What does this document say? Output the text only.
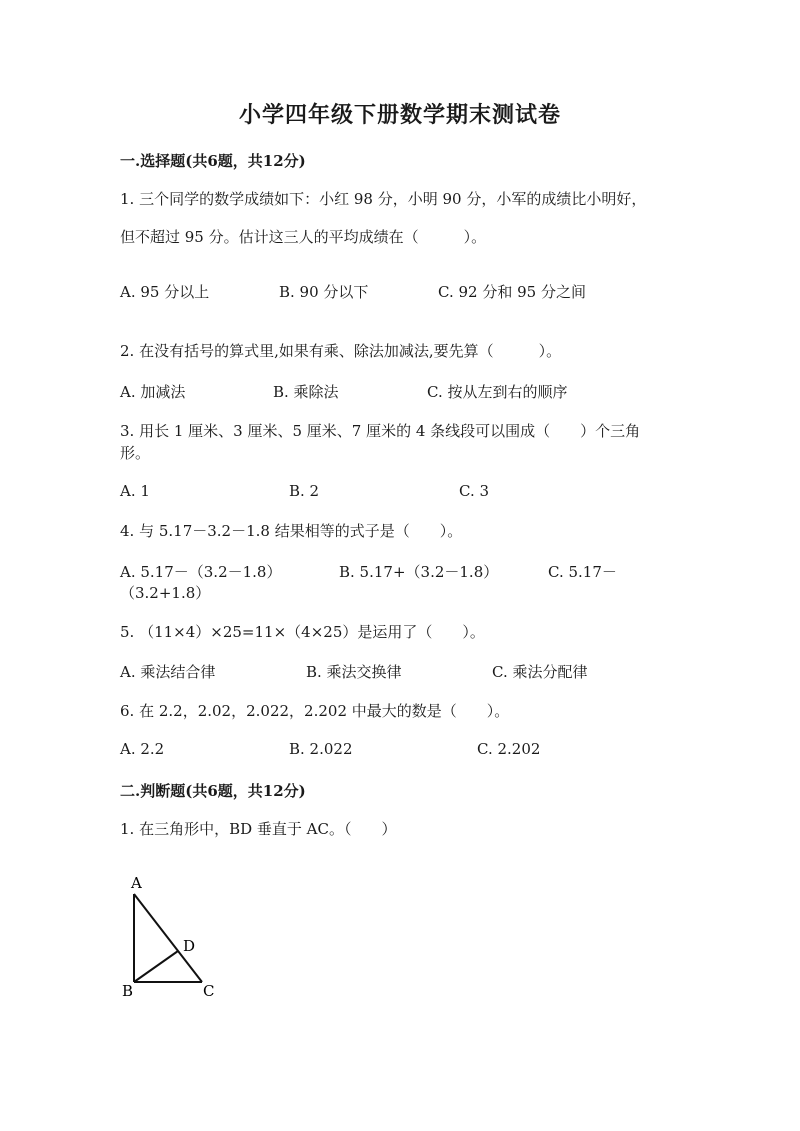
小学四年级下册数学期末测试卷
一.选择题(共6题，共12分)
1. 三个同学的数学成绩如下：小红 98 分，小明 90 分，小军的成绩比小明好，
但不超过 95 分。估计这三人的平均成绩在（　　　）。
A. 95 分以上	B. 90 分以下	C. 92 分和 95 分之间
2. 在没有括号的算式里,如果有乘、除法加减法,要先算（　　　）。
A. 加减法	B. 乘除法	C. 按从左到右的顺序
3. 用长 1 厘米、3 厘米、5 厘米、7 厘米的 4 条线段可以围成（　　）个三角
形。
A. 1	B. 2	C. 3
4. 与 5.17－3.2－1.8 结果相等的式子是（　　）。
A. 5.17－（3.2－1.8）	B. 5.17+（3.2－1.8）	C. 5.17－
（3.2+1.8）
5. （11×4）×25=11×（4×25）是运用了（　　）。
A. 乘法结合律	B. 乘法交换律	C. 乘法分配律
6. 在 2.2，2.02，2.022，2.202 中最大的数是（　　）。
A. 2.2	B. 2.022	C. 2.202
二.判断题(共6题，共12分)
1. 在三角形中，BD 垂直于 AC。（　　）
A
B	C
D
